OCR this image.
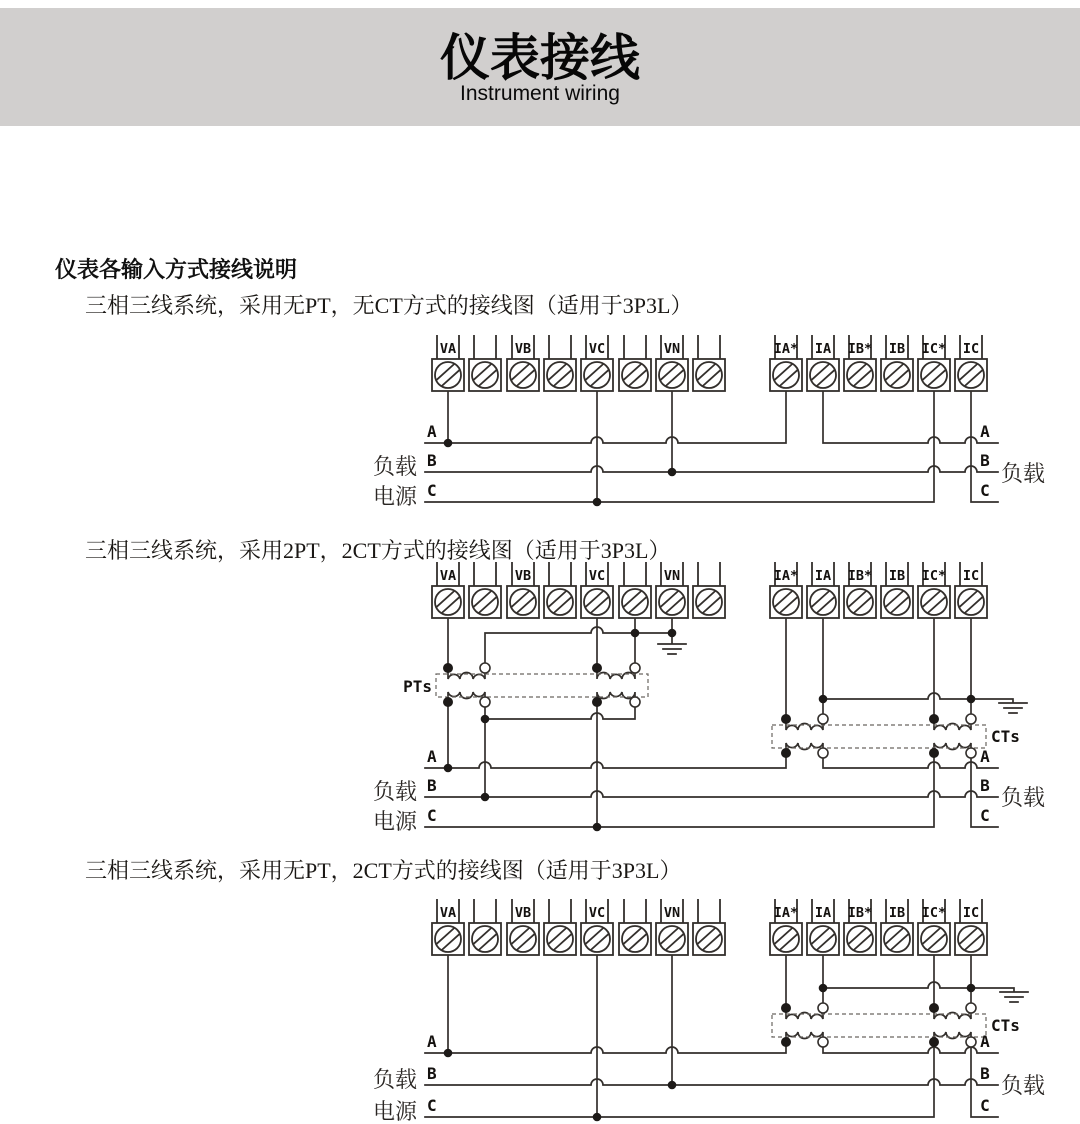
仪表接线
Instrument wiring
仪表各输入方式接线说明
三相三线系统，采用无PT，无CT方式的接线图（适用于3P3L）
三相三线系统，采用2PT，2CT方式的接线图（适用于3P3L）
三相三线系统，采用无PT，2CT方式的接线图（适用于3P3L）
VA	VB	VC	VN	IA* IA IB* IB IC* IC
A
B
C
A
B
C
负载
电源
负载
VA	VB	VC	VN	IA* IA IB* IB IC* IC
PTs
CTs
A
B
C
A
B
C
负载
电源
负载
VA	VB	VC	VN	IA* IA IB* IB IC* IC
CTs
A
B
C
A
B
C
负载
电源
负载
